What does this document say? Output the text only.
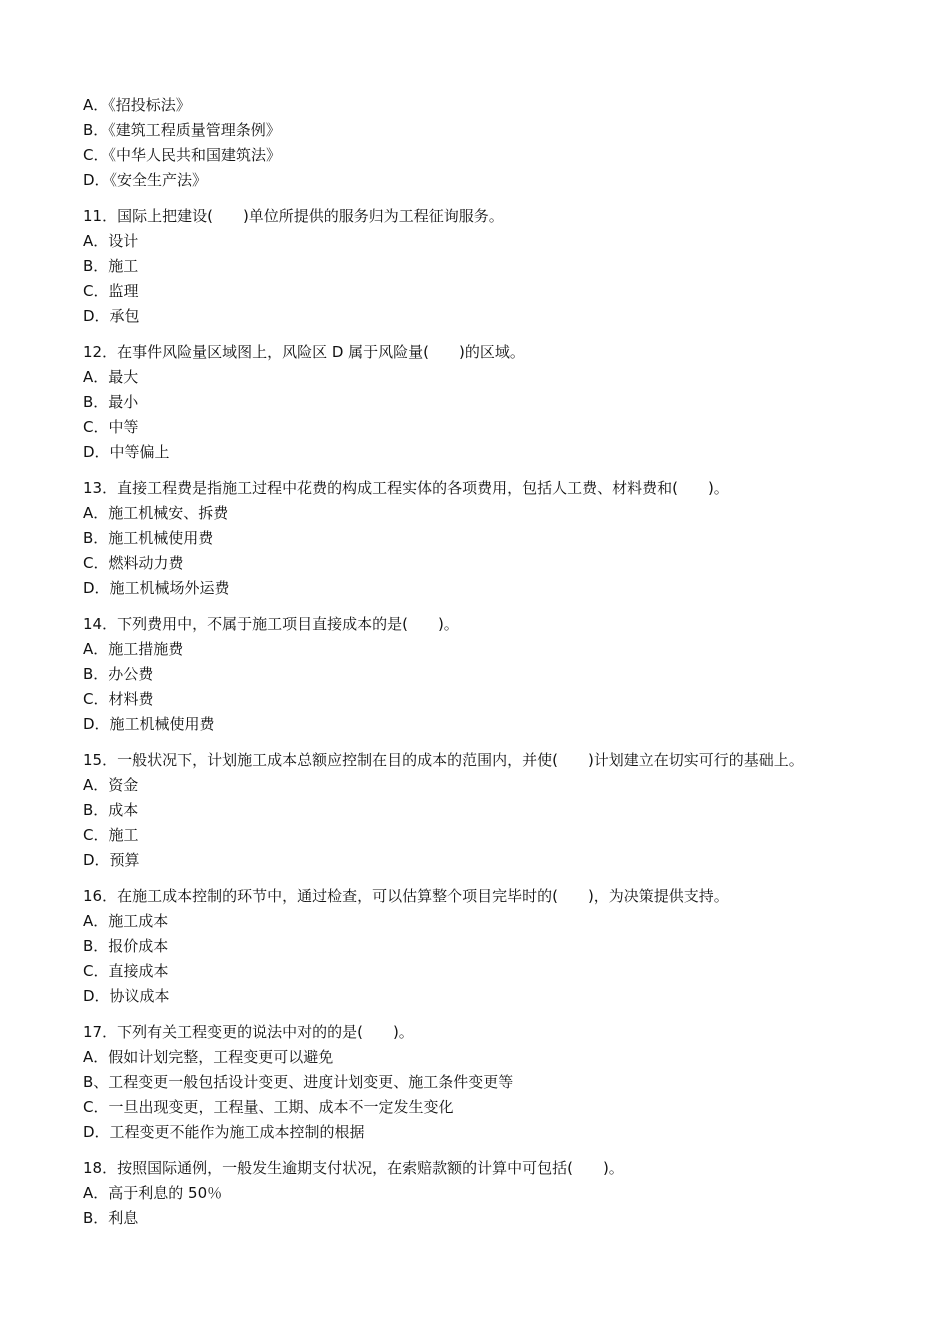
A．《招投标法》
B．《建筑工程质量管理条例》
C．《中华人民共和国建筑法》
D．《安全生产法》
11．国际上把建设(　　)单位所提供的服务归为工程征询服务。
A．设计
B．施工
C．监理
D．承包
12．在事件风险量区域图上，风险区 D 属于风险量(　　)的区域。
A．最大
B．最小
C．中等
D．中等偏上
13．直接工程费是指施工过程中花费的构成工程实体的各项费用，包括人工费、材料费和(　　)。
A．施工机械安、拆费
B．施工机械使用费
C．燃料动力费
D．施工机械场外运费
14．下列费用中，不属于施工项目直接成本的是(　　)。
A．施工措施费
B．办公费
C．材料费
D．施工机械使用费
15．一般状况下，计划施工成本总额应控制在目的成本的范围内，并使(　　)计划建立在切实可行的基础上。
A．资金
B．成本
C．施工
D．预算
16．在施工成本控制的环节中，通过检查，可以估算整个项目完毕时的(　　)，为决策提供支持。
A．施工成本
B．报价成本
C．直接成本
D．协议成本
17．下列有关工程变更的说法中对的的是(　　)。
A．假如计划完整，工程变更可以避免
B、工程变更一般包括设计变更、进度计划变更、施工条件变更等
C．一旦出现变更，工程量、工期、成本不一定发生变化
D．工程变更不能作为施工成本控制的根据
18．按照国际通例，一般发生逾期支付状况，在索赔款额的计算中可包括(　　)。
A．高于利息的 50％
B．利息
